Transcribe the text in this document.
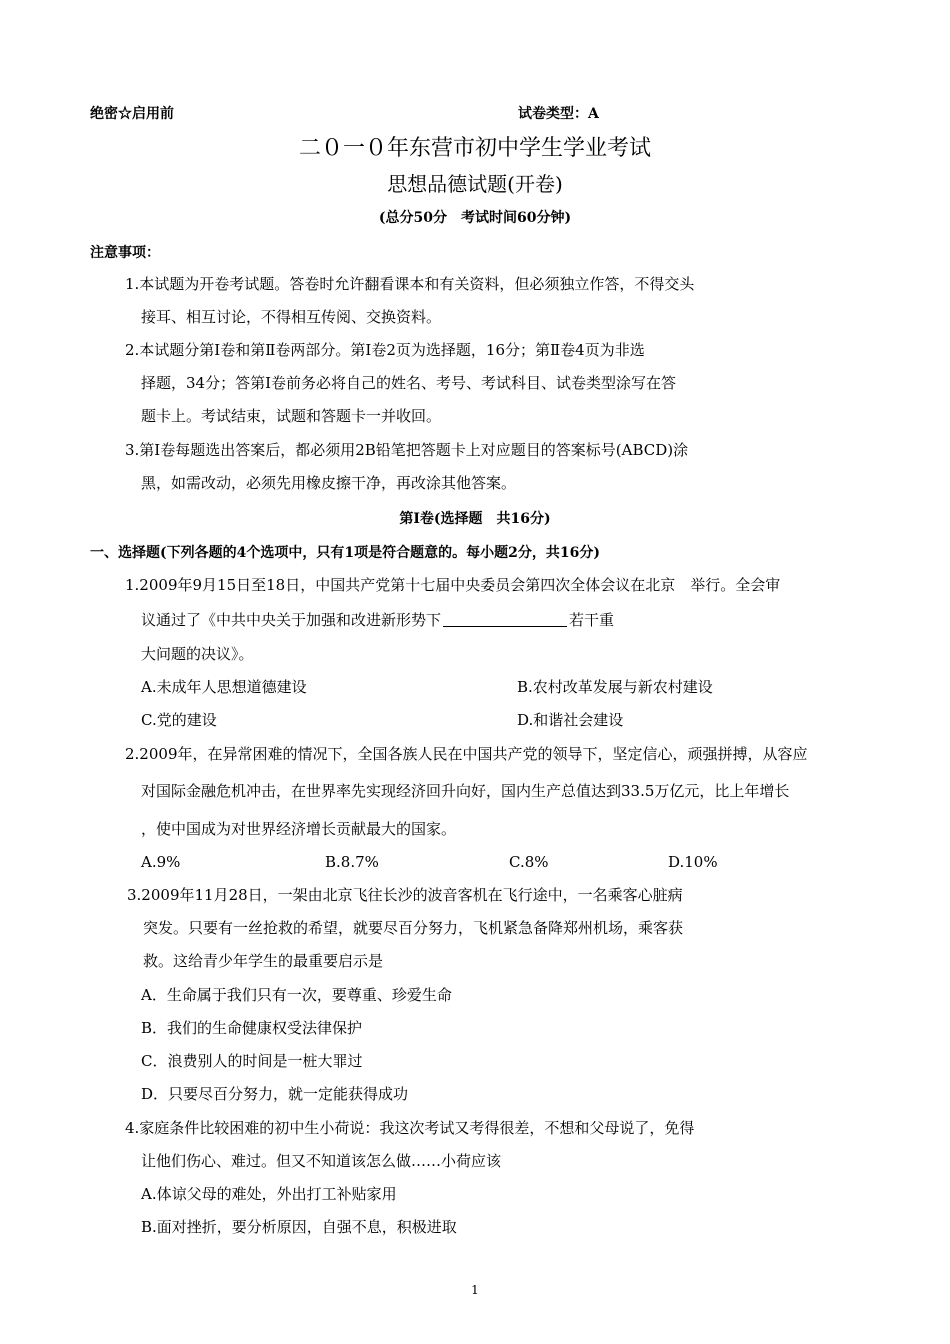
绝密☆启用前	试卷类型：A
二０一０年东营市初中学生学业考试
思想品德试题(开卷)
(总分50分　考试时间60分钟)
注意事项：
1.本试题为开卷考试题。答卷时允许翻看课本和有关资料，但必须独立作答，不得交头
接耳、相互讨论，不得相互传阅、交换资料。
2.本试题分第Ⅰ卷和第Ⅱ卷两部分。第Ⅰ卷2页为选择题，16分；第Ⅱ卷4页为非选
择题，34分；答第Ⅰ卷前务必将自己的姓名、考号、考试科目、试卷类型涂写在答
题卡上。考试结束，试题和答题卡一并收回。
3.第Ⅰ卷每题选出答案后，都必须用2B铅笔把答题卡上对应题目的答案标号(ABCD)涂
黑，如需改动，必须先用橡皮擦干净，再改涂其他答案。
第Ⅰ卷(选择题　共16分)
一、选择题(下列各题的4个选项中，只有1项是符合题意的。每小题2分，共16分)
1.2009年9月15日至18日，中国共产党第十七届中央委员会第四次全体会议在北京　举行。全会审
议通过了《中共中央关于加强和改进新形势下	若干重
大问题的决议》。
A.未成年人思想道德建设	B.农村改革发展与新农村建设
C.党的建设	D.和谐社会建设
2.2009年，在异常困难的情况下，全国各族人民在中国共产党的领导下，坚定信心，顽强拼搏，从容应
对国际金融危机冲击，在世界率先实现经济回升向好，国内生产总值达到33.5万亿元，比上年增长
，使中国成为对世界经济增长贡献最大的国家。
A.9%	B.8.7%	C.8%	D.10%
3.2009年11月28日，一架由北京飞往长沙的波音客机在飞行途中，一名乘客心脏病
突发。只要有一丝抢救的希望，就要尽百分努力，飞机紧急备降郑州机场，乘客获
救。这给青少年学生的最重要启示是
A．生命属于我们只有一次，要尊重、珍爱生命
B．我们的生命健康权受法律保护
C．浪费别人的时间是一桩大罪过
D．只要尽百分努力，就一定能获得成功
4.家庭条件比较困难的初中生小荷说：我这次考试又考得很差，不想和父母说了，免得
让他们伤心、难过。但又不知道该怎么做……小荷应该
A.体谅父母的难处，外出打工补贴家用
B.面对挫折，要分析原因，自强不息，积极进取
1
